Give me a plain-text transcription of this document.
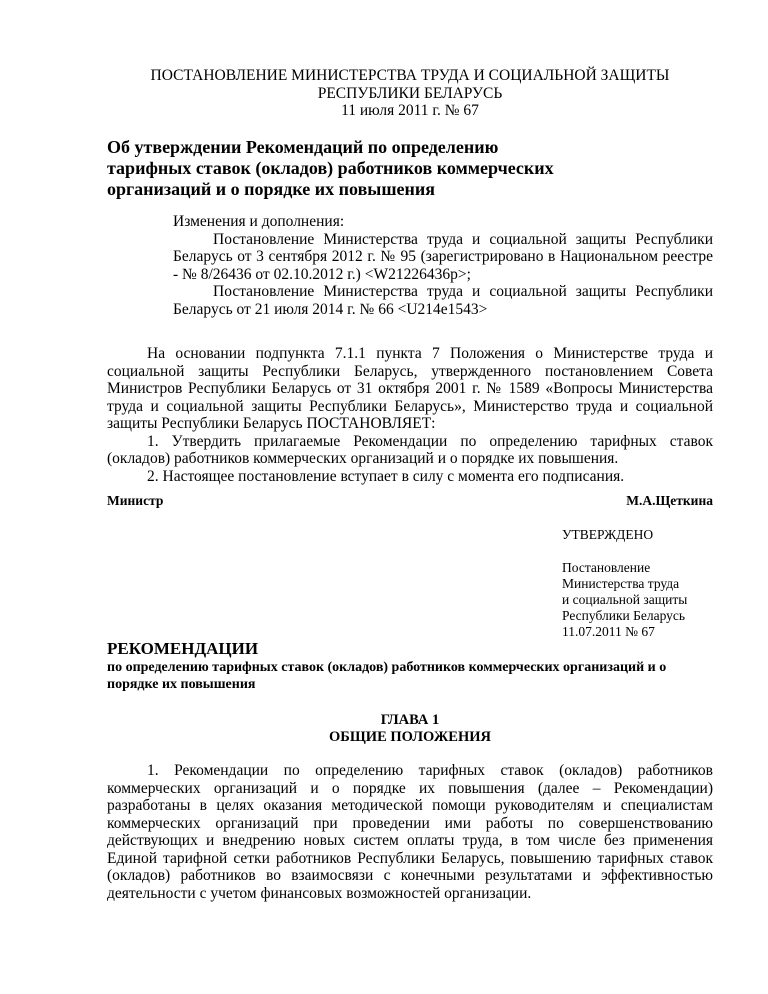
ПОСТАНОВЛЕНИЕ МИНИСТЕРСТВА ТРУДА И СОЦИАЛЬНОЙ ЗАЩИТЫ
РЕСПУБЛИКИ БЕЛАРУСЬ
11 июля 2011 г. № 67
Об утверждении Рекомендаций по определению
тарифных ставок (окладов) работников коммерческих
организаций и о порядке их повышения

Изменения и дополнения:

Постановление Министерства труда и социальной защиты Республики Беларусь от 3 сентября 2012 г. № 95 (зарегистрировано в Национальном реестре - № 8/26436 от 02.10.2012 г.) <W21226436p>;

Постановление Министерства труда и социальной защиты Республики Беларусь от 21 июля 2014 г. № 66 <U214e1543>

На основании подпункта 7.1.1 пункта 7 Положения о Министерстве труда и социальной защиты Республики Беларусь, утвержденного постановлением Совета Министров Республики Беларусь от 31 октября 2001 г. № 1589 «Вопросы Министерства труда и социальной защиты Республики Беларусь», Министерство труда и социальной защиты Республики Беларусь ПОСТАНОВЛЯЕТ:

1. Утвердить прилагаемые Рекомендации по определению тарифных ставок (окладов) работников коммерческих организаций и о порядке их повышения.

2. Настоящее постановление вступает в силу с момента его подписания.

Министр	М.А.Щеткина
УТВЕРЖДЕНО
Постановление
Министерства труда
и социальной защиты
Республики Беларусь
11.07.2011 № 67
РЕКОМЕНДАЦИИ
по определению тарифных ставок (окладов) работников коммерческих организаций и о порядке их повышения
ГЛАВА 1
ОБЩИЕ ПОЛОЖЕНИЯ

1. Рекомендации по определению тарифных ставок (окладов) работников коммерческих организаций и о порядке их повышения (далее – Рекомендации) разработаны в целях оказания методической помощи руководителям и специалистам коммерческих организаций при проведении ими работы по совершенствованию действующих и внедрению новых систем оплаты труда, в том числе без применения Единой тарифной сетки работников Республики Беларусь, повышению тарифных ставок (окладов) работников во взаимосвязи с конечными результатами и эффективностью деятельности с учетом финансовых возможностей организации.
